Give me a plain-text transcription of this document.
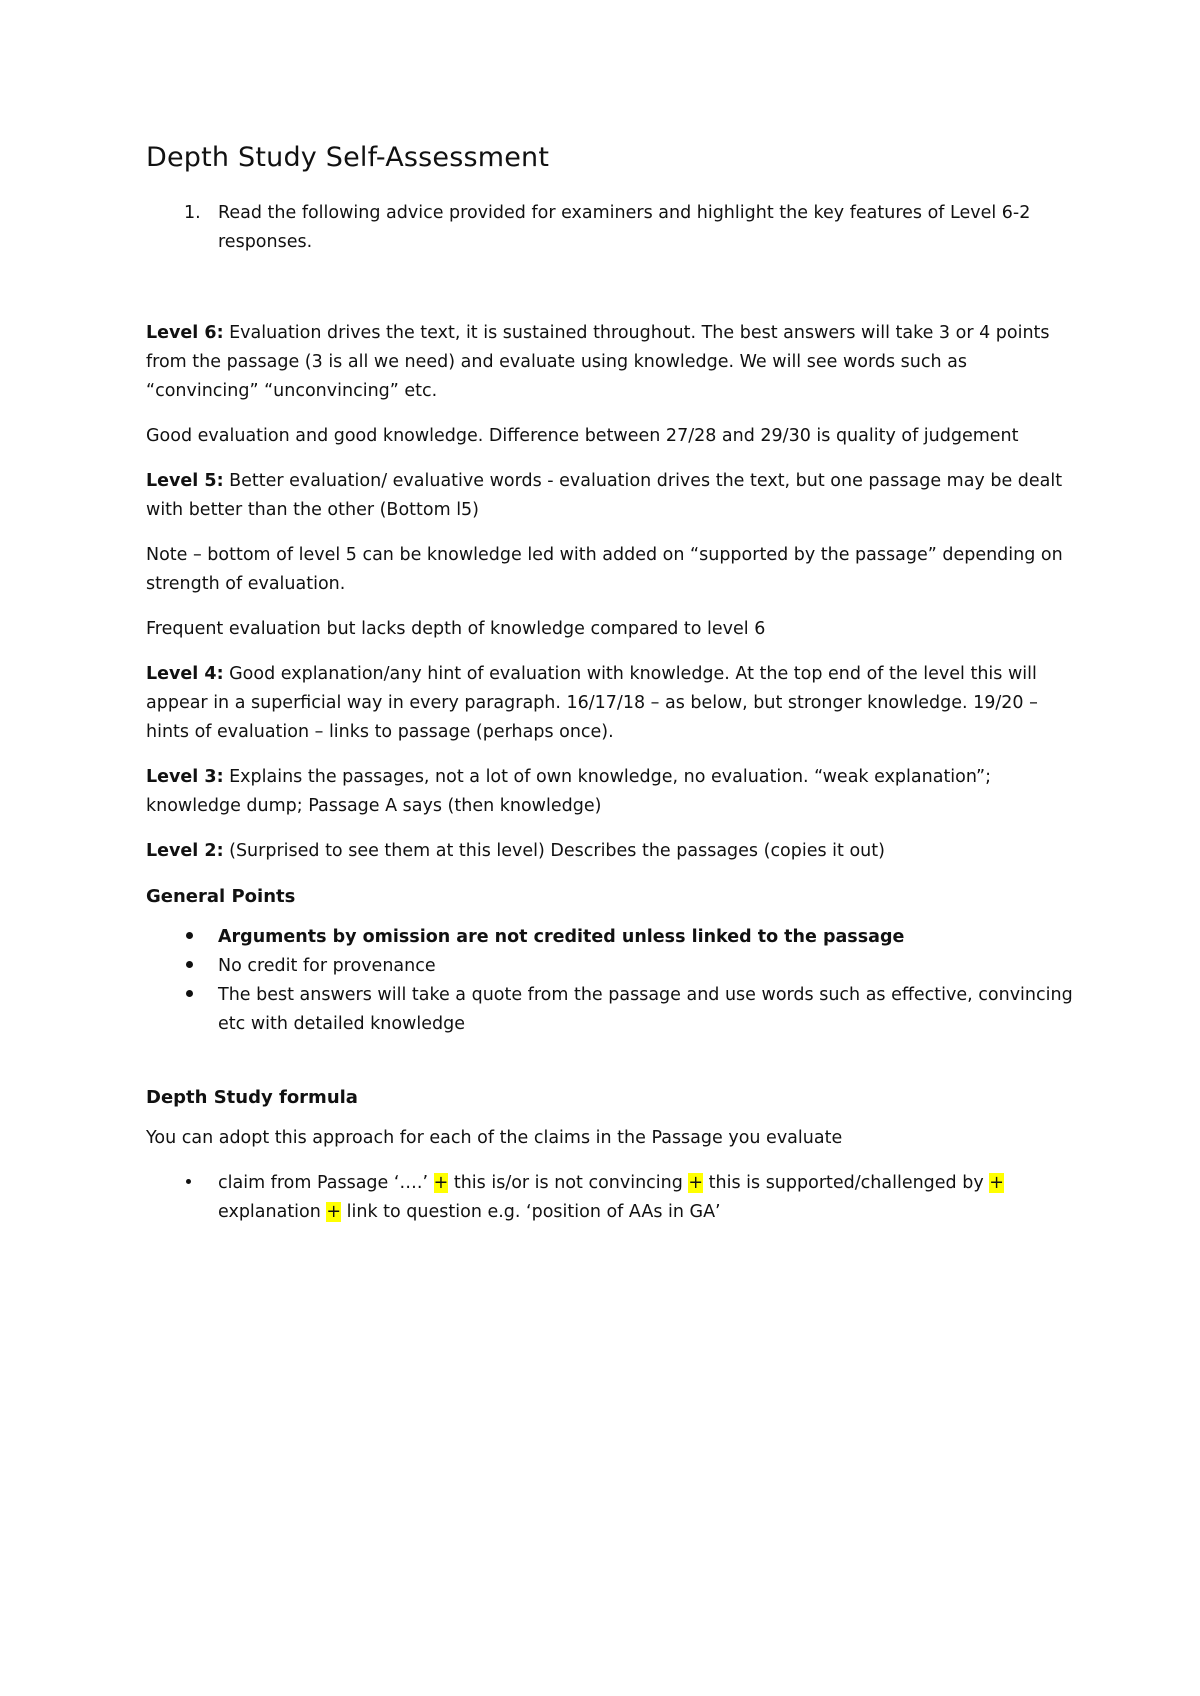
Depth Study Self-Assessment
1. Read the following advice provided for examiners and highlight the key features of Level 6-2 responses.

Level 6: Evaluation drives the text, it is sustained throughout. The best answers will take 3 or 4 points from the passage (3 is all we need) and evaluate using knowledge. We will see words such as “convincing” “unconvincing” etc.

Good evaluation and good knowledge. Difference between 27/28 and 29/30 is quality of judgement

Level 5: Better evaluation/ evaluative words - evaluation drives the text, but one passage may be dealt with better than the other (Bottom l5)

Note – bottom of level 5 can be knowledge led with added on “supported by the passage” depending on strength of evaluation.

Frequent evaluation but lacks depth of knowledge compared to level 6

Level 4: Good explanation/any hint of evaluation with knowledge. At the top end of the level this will appear in a superficial way in every paragraph. 16/17/18 – as below, but stronger knowledge. 19/20 – hints of evaluation – links to passage (perhaps once).

Level 3: Explains the passages, not a lot of own knowledge, no evaluation. “weak explanation”; knowledge dump; Passage A says (then knowledge)

Level 2: (Surprised to see them at this level) Describes the passages (copies it out)

General Points
Arguments by omission are not credited unless linked to the passage
No credit for provenance
The best answers will take a quote from the passage and use words such as effective, convincing etc with detailed knowledge
Depth Study formula

You can adopt this approach for each of the claims in the Passage you evaluate

claim from Passage ‘….’ + this is/or is not convincing + this is supported/challenged by + explanation + link to question e.g. ‘position of AAs in GA’
